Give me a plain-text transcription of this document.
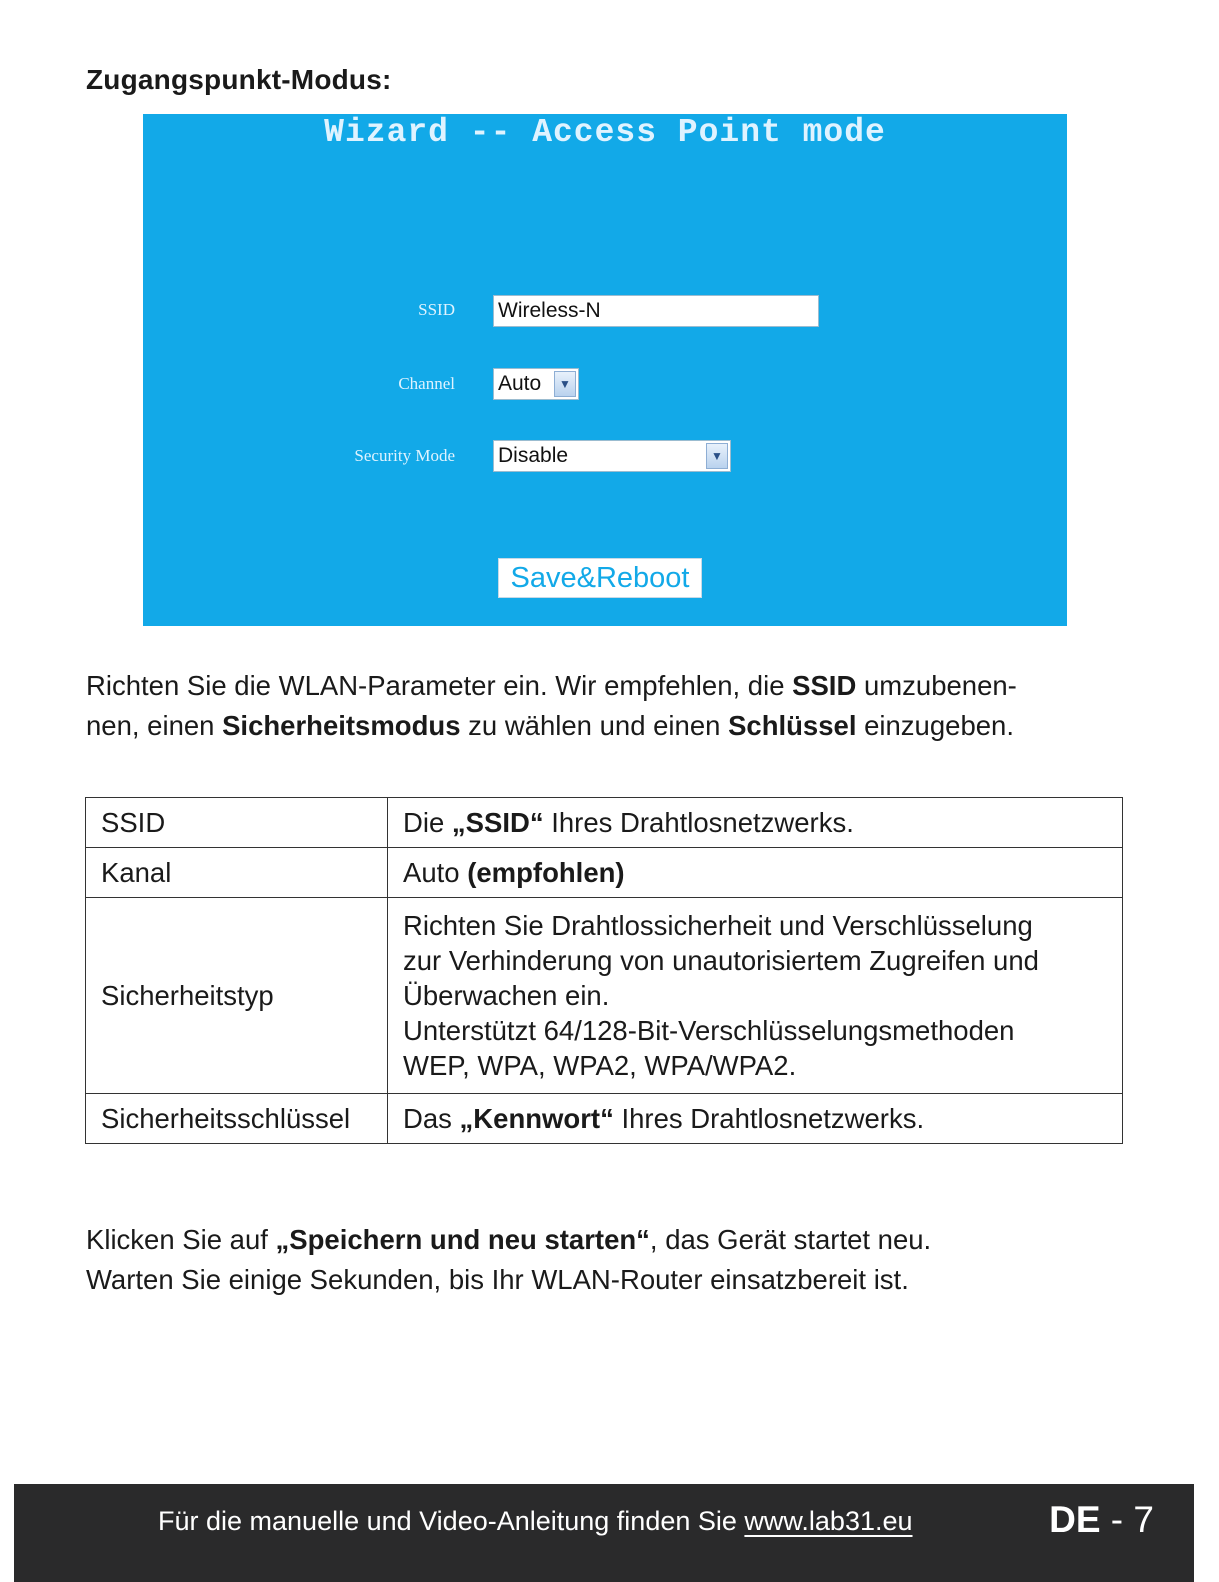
Zugangspunkt-Modus:
Wizard -- Access Point mode
SSID Wireless-N
Channel Auto	▼
Security Mode Disable	▼
Save&Reboot
Richten Sie die WLAN-Parameter ein. Wir empfehlen, die SSID umzubenen-
nen, einen Sicherheitsmodus zu wählen und einen Schlüssel einzugeben.
SSID	Die „SSID“ Ihres Drahtlosnetzwerks.
Kanal	Auto (empfohlen)
Sicherheitstyp	Richten Sie Drahtlossicherheit und Verschlüsselung
zur Verhinderung von unautorisiertem Zugreifen und
Überwachen ein.
Unterstützt 64/128-Bit-Verschlüsselungsmethoden
WEP, WPA, WPA2, WPA/WPA2.

Sicherheitsschlüssel	Das „Kennwort“ Ihres Drahtlosnetzwerks.
Klicken Sie auf „Speichern und neu starten“, das Gerät startet neu.
Warten Sie einige Sekunden, bis Ihr WLAN-Router einsatzbereit ist.
Für die manuelle und Video-Anleitung finden Sie www.lab31.eu	DE - 7
